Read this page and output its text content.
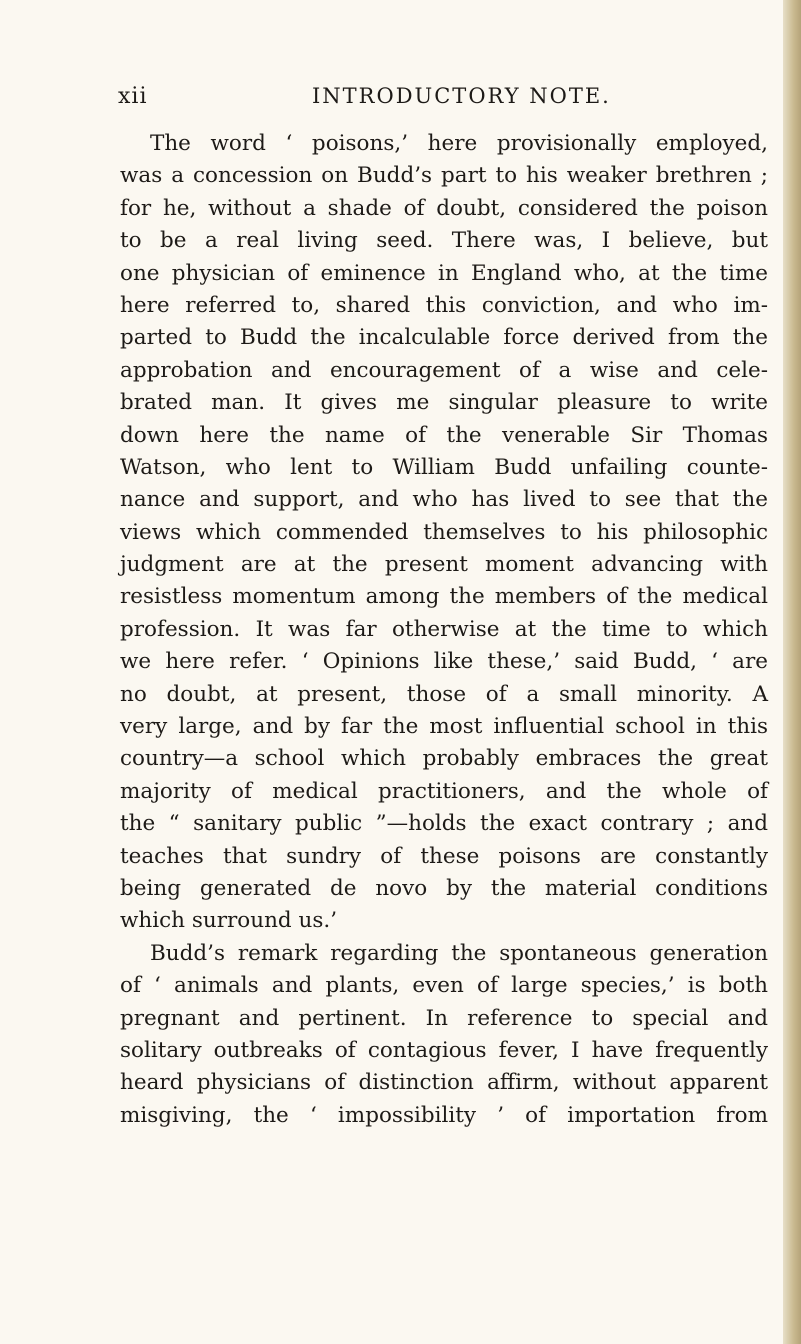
xii	INTRODUCTORY NOTE.
The word ‘ poisons,’ here provisionally employed,
was a concession on Budd’s part to his weaker brethren ;
for he, without a shade of doubt, considered the poison
to be a real living seed. There was, I believe, but
one physician of eminence in England who, at the time
here referred to, shared this conviction, and who im-
parted to Budd the incalculable force derived from the
approbation and encouragement of a wise and cele-
brated man. It gives me singular pleasure to write
down here the name of the venerable Sir Thomas
Watson, who lent to William Budd unfailing counte-
nance and support, and who has lived to see that the
views which commended themselves to his philosophic
judgment are at the present moment advancing with
resistless momentum among the members of the medical
profession. It was far otherwise at the time to which
we here refer. ‘ Opinions like these,’ said Budd, ‘ are
no doubt, at present, those of a small minority. A
very large, and by far the most influential school in this
country—a school which probably embraces the great
majority of medical practitioners, and the whole of
the “ sanitary public ”—holds the exact contrary ; and
teaches that sundry of these poisons are constantly
being generated de novo by the material conditions
which surround us.’
Budd’s remark regarding the spontaneous generation
of ‘ animals and plants, even of large species,’ is both
pregnant and pertinent. In reference to special and
solitary outbreaks of contagious fever, I have frequently
heard physicians of distinction affirm, without apparent
misgiving, the ‘ impossibility ’ of importation from
